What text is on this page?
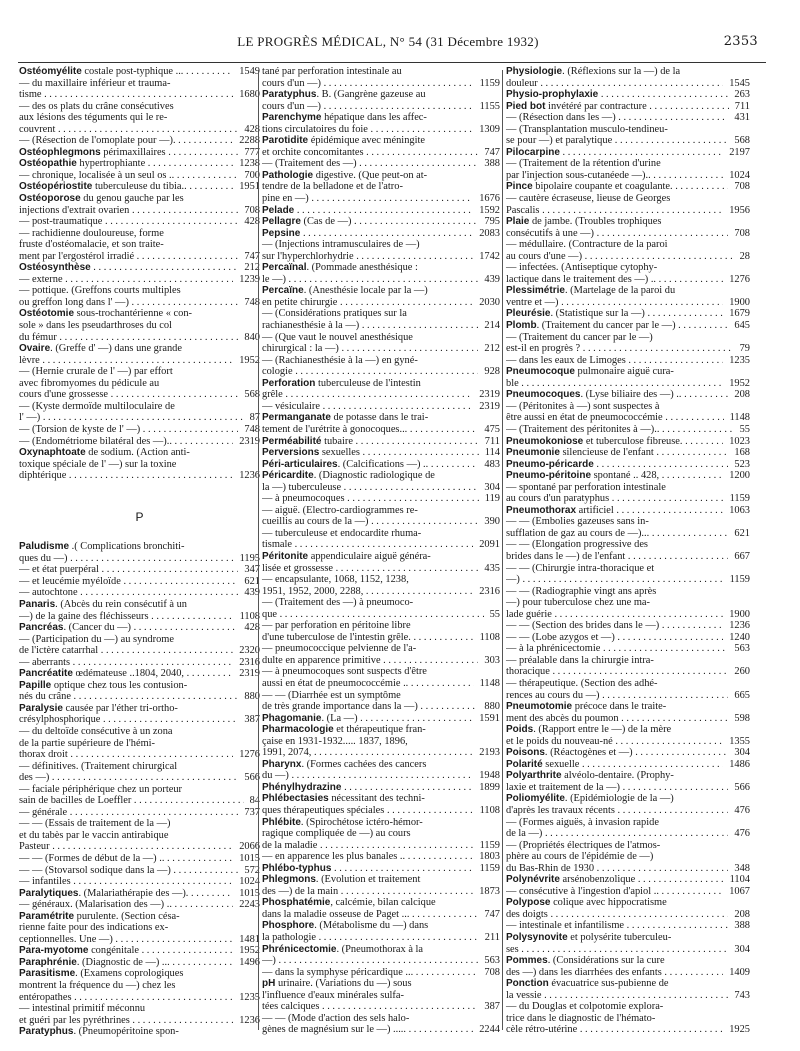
LE PROGRÈS MÉDICAL, N° 54 (31 Décembre 1932)	2353
Ostéomyélite costale post-typhique ... . . .	1549
— du maxillaire inférieur et trauma-
tisme . . .	1680
— des os plats du crâne consécutives
aux lésions des téguments qui le re-
couvrent . . .	428
— (Résection de l'omoplate pour —). . . .	2288
Ostéophlegmons périmaxillaires . . .	777
Ostéopathie hypertrophiante . . .	1238
— chronique, localisée à un seul os .. . . .	700
Ostéopériostite tuberculeuse du tibia.. . . .	1951
Ostéoporose du genou gauche par les
injections d'extrait ovarien . . .	708
— post-traumatique . . .	428
— rachidienne douloureuse, forme
fruste d'ostéomalacie, et son traite-
ment par l'ergostérol irradié . . .	747
Ostéosynthèse . . .	212
— externe . . .	1239
— pottique. (Greffons courts multiples
ou greffon long dans l' —) . . .	748
Ostéotomie sous-trochantérienne « con-
sole » dans les pseudarthroses du col
du fémur . . .	840
Ovaire. (Greffe d' —) dans une grande
lèvre . . .	1952
— (Hernie crurale de l' —) par effort
avec fibromyomes du pédicule au
cours d'une grossesse . . .	568
— (Kyste dermoïde multiloculaire de
l' —) . . .	87
— (Torsion de kyste de l' —) . . .	748
— (Endométriome bilatéral des —).. . . .	2319
Oxynaphtoate de sodium. (Action anti-
toxique spéciale de l' —) sur la toxine
diphtérique . . .	1236
P
Paludisme .( Complications bronchiti-
ques du —) . . .	1195
— et état puerpéral . . .	347
— et leucémie myéloïde . . .	621
— autochtone . . .	439
Panaris. (Abcès du rein consécutif à un
—) de la gaine des fléchisseurs . . .	1108
Pancréas. (Cancer du —) . . .	428
— (Participation du —) au syndrome
de l'ictère catarrhal . . .	2320
— aberrants . . .	2316
Pancréatite œdémateuse ..1804, 2040, . . .	2319
Papille optique chez tous les contusion-
nés du crâne . . .	880
Paralysie causée par l'éther tri-ortho-
crésylphosphorique . . .	387
— du deltoïde consécutive à un zona
de la partie supérieure de l'hémi-
thorax droit . . .	1276
— définitives. (Traitement chirurgical
des —) . . .	566
— faciale périphérique chez un porteur
sain de bacilles de Loeffler . . .	84
— générale . . .	737
— — (Essais de traitement de la —)
et du tabès par le vaccin antirabique
Pasteur . . .	2066
— — (Formes de début de la —) .. . . .	1015
— — (Stovarsol sodique dans la —) . . .	572
— infantiles . . .	1024
Paralytiques. (Malariathérapie des —). . . .	1015
— généraux. (Malarisation des —) .. . . .	2243
Paramétrite purulente. (Section césa-
rienne faite pour des indications ex-
ceptionnelles. Une —) . . .	1481
Para-myotome congénitale . . .	1952
Paraphrénie. (Diagnostic de —) ... . . .	1496
Parasitisme. (Examens coprologiques
montrent la fréquence du —) chez les
entéropathes . . .	1235
— intestinal primitif méconnu
et guéri par les pyréthrines . . .	1236
Paratyphus. (Pneumopéritoine spon-
tané par perforation intestinale au
cours d'un —) . . .	1159
Paratyphus. B. (Gangrène gazeuse au
cours d'un —) . . .	1155
Parenchyme hépatique dans les affec-
tions circulatoires du foie . . .	1309
Parotidite épidémique avec méningite
et orchite concomitantes . . .	747
— (Traitement des —) . . .	388
Pathologie digestive. (Que peut-on at-
tendre de la belladone et de l'atro-
pine en —) . . .	1676
Pelade . . .	1592
Pellagre (Cas de —) . . .	795
Pepsine . . .	2083
— (Injections intramusculaires de —)
sur l'hyperchlorhydrie . . .	1742
Percaïnal. (Pommade anesthésique :
le —) . . .	439
Percaïne. (Anesthésie locale par la —)
en petite chirurgie . . .	2030
— (Considérations pratiques sur la
rachianesthésie à la —) . . .	214
— (Que vaut le nouvel anesthésique
chirurgical : la —) . . .	212
— (Rachianesthésie à la —) en gyné-
cologie . . .	928
Perforation tuberculeuse de l'intestin
grêle . . .	2319
— vésiculaire . . .	2319
Permanganate de potasse dans le trai-
tement de l'urétrite à gonocoques... . . .	475
Perméabilité tubaire . . .	711
Perversions sexuelles . . .	114
Péri-articulaires. (Calcifications —) .. . . .	483
Péricardite. (Diagnostic radiologique de
la —) tuberculeuse . . .	304
— à pneumocoques . . .	119
— aiguë. (Electro-cardiogrammes re-
cueillis au cours de la —) . . .	390
— tuberculeuse et endocardite rhuma-
tismale . . .	2091
Péritonite appendiculaire aiguë généra-
lisée et grossesse . . .	435
— encapsulante, 1068, 1152, 1238,
1951, 1952, 2000, 2288, . . .	2316
— (Traitement des —) à pneumoco-
que . . .	55
— par perforation en péritoine libre
d'une tuberculose de l'intestin grêle. . . .	1108
— pneumococcique pelvienne de l'a-
dulte en apparence primitive . . .	303
— à pneumocoques sont suspects d'être
aussi en état de pneumococcémie .. . . .	1148
— — (Diarrhée est un symptôme
de très grande importance dans la —) . . .	880
Phagomanie. (La —) . . .	1591
Pharmacologie et thérapeutique fran-
çaise en 1931-1932..... 1837, 1896,
1991, 2074, . . .	2193
Pharynx. (Formes cachées des cancers
du —) . . .	1948
Phénylhydrazine . . .	1899
Phlébectasies nécessitant des techni-
ques thérapeutiques spéciales . . .	1108
Phlébite. (Spirochétose ictéro-hémor-
ragique compliquée de —) au cours
de la maladie . . .	1159
— en apparence les plus banales .. . . .	1803
Phlébo-typhus . . .	1159
Phlegmons. (Evolution et traitement
des —) de la main . . .	1873
Phosphatémie, calcémie, bilan calcique
dans la maladie osseuse de Paget ... . . .	747
Phosphore. (Métabolisme du —) dans
la pathologie . . .	211
Phrénicectomie. (Pneumothorax à la
—) . . .	563
— dans la symphyse péricardique ... . . .	708
pH urinaire. (Variations du —) sous
l'influence d'eaux minérales sulfa-
tées calciques . . .	387
— — (Mode d'action des sels halo-
gènes de magnésium sur le —) ..... . . .	2244
Physiologie. (Réflexions sur la —) de la
douleur . . .	1545
Physio-prophylaxie . . .	263
Pied bot invétéré par contracture . . .	711
— (Résection dans les —) . . .	431
— (Transplantation musculo-tendineu-
se pour —) et paralytique . . .	568
Pilocarpine . . .	2197
— (Traitement de la rétention d'urine
par l'injection sous-cutanéede —).. . . .	1024
Pince bipolaire coupante et coagulante. . . .	708
— cautère écraseuse, lieuse de Georges
Pascalis . . .	1956
Plaie de jambe. (Troubles trophiques
consécutifs à une —) . . .	708
— médullaire. (Contracture de la paroi
au cours d'une —) . . .	28
— infectées. (Antiseptique cytophy-
lactique dans le traitement des —) .. . . .	1276
Plessimétrie. (Martelage de la paroi du
ventre et —) . . .	1900
Pleurésie. (Statistique sur la —) . . .	1679
Plomb. (Traitement du cancer par le —) . . .	645
— (Traitement du cancer par le —)
est-il en progrès ? . . .	79
— dans les eaux de Limoges . . .	1235
Pneumocoque pulmonaire aiguë cura-
ble . . .	1952
Pneumocoques. (Lyse biliaire des —) .. . . .	208
— (Péritonites à —) sont suspectes à
être aussi en état de pneumococcémie . . .	1148
— (Traitement des péritonites à —).. . . .	55
Pneumokoniose et tuberculose fibreuse. . . .	1023
Pneumonie silencieuse de l'enfant . . .	168
Pneumo-péricarde . . .	523
Pneumo-péritoine spontané .. 428, . . .	1200
— spontané par perforation intestinale
au cours d'un paratyphus . . .	1159
Pneumothorax artificiel . . .	1063
— — (Embolies gazeuses sans in-
sufflation de gaz au cours de —)... . . .	621
— — (Elongation progressive des
brides dans le —) de l'enfant . . .	667
— — (Chirurgie intra-thoracique et
—) . . .	1159
— — (Radiographie vingt ans après
—) pour tuberculose chez une ma-
lade guérie . . .	1900
— — (Section des brides dans le —) . . .	1236
— — (Lobe azygos et —) . . .	1240
— à la phrénicectomie . . .	563
— préalable dans la chirurgie intra-
thoracique . . .	260
— thérapeutique. (Section des adhé-
rences au cours du —) . . .	665
Pneumotomie précoce dans le traite-
ment des abcès du poumon . . .	598
Poids. (Rapport entre le —) de la mère
et le poids du nouveau-né . . .	1355
Poisons. (Réactogènes et —) . . .	304
Polarité sexuelle . . .	1486
Polyarthrite alvéolo-dentaire. (Prophy-
laxie et traitement de la —) . . .	566
Poliomyélite. (Epidémiologie de la —)
d'après les travaux récents . . .	476
— (Formes aiguës, à invasion rapide
de la —) . . .	476
— (Propriétés électriques de l'atmos-
phère au cours de l'épidémie de —)
du Bas-Rhin de 1930 . . .	348
Polynévrite arsénobenzolique . . .	1104
— consécutive à l'ingestion d'apiol .. . . .	1067
Polypose colique avec hippocratisme
des doigts . . .	208
— intestinale et infantilisme . . .	388
Polysynovite et polysérite tuberculeu-
ses . . .	304
Pommes. (Considérations sur la cure
des —) dans les diarrhées des enfants . . .	1409
Ponction évacuatrice sus-pubienne de
la vessie . . .	743
— du Douglas et colpotomie explora-
trice dans le diagnostic de l'hémato-
cèle rétro-utérine . . .	1925
